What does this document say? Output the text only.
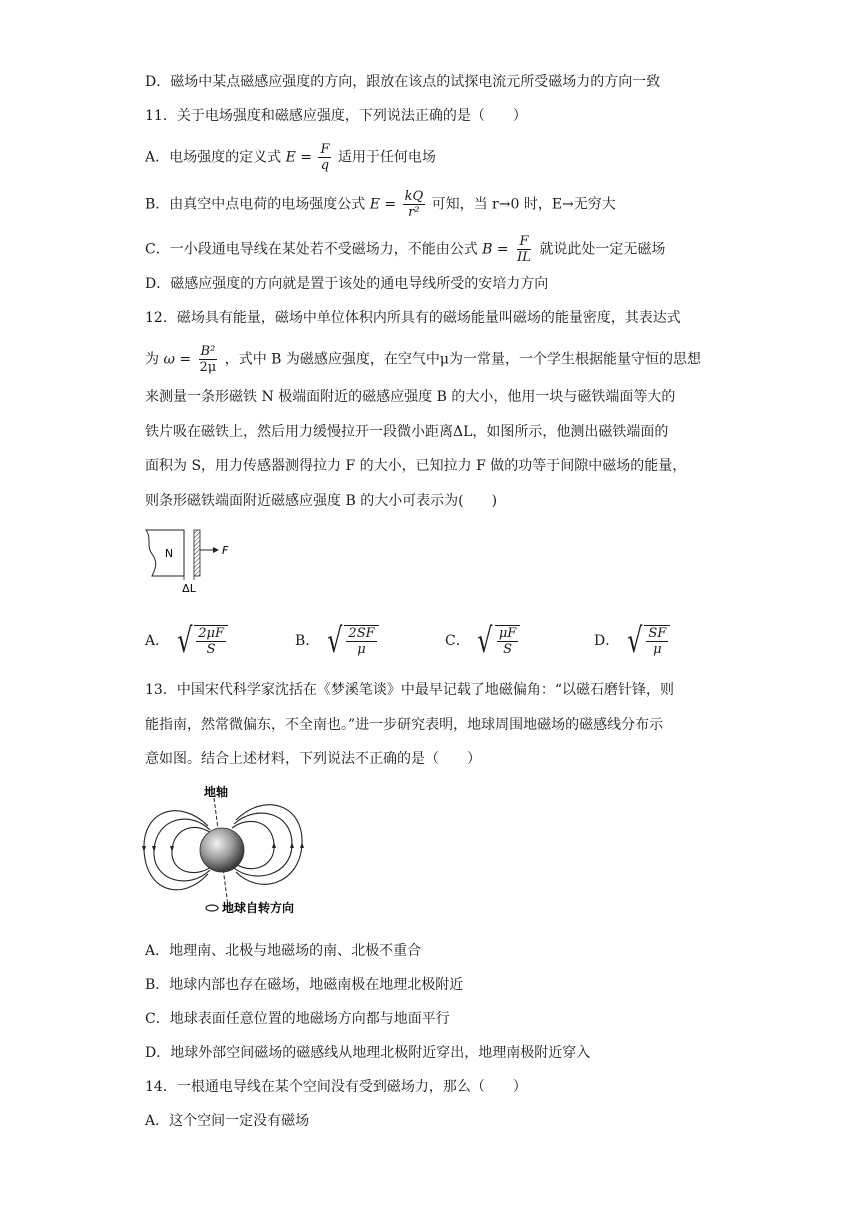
D．磁场中某点磁感应强度的方向，跟放在该点的试探电流元所受磁场力的方向一致
11．关于电场强度和磁感应强度，下列说法正确的是（　　）
A．电场强度的定义式 $E = \frac{F}{q}$ 适用于任何电场
B．由真空中点电荷的电场强度公式 $E = \frac{kQ}{\text{r²}}$ 可知，当 r→0 时，E→无穷大
C．一小段通电导线在某处若不受磁场力，不能由公式 $B = \frac{F}{IL}$ 就说此处一定无磁场
D．磁感应强度的方向就是置于该处的通电导线所受的安培力方向
12．磁场具有能量，磁场中单位体积内所具有的磁场能量叫磁场的能量密度，其表达式
为 $\omega = \frac{\text{B²}}{2\mu}$ ，式中 B 为磁感应强度，在空气中μ为一常量，一个学生根据能量守恒的思想
来测量一条形磁铁 N 极端面附近的磁感应强度 B 的大小，他用一块与磁铁端面等大的
铁片吸在磁铁上，然后用力缓慢拉开一段微小距离ΔL，如图所示，他测出磁铁端面的
面积为 S，用力传感器测得拉力 F 的大小，已知拉力 F 做的功等于间隙中磁场的能量，
则条形磁铁端面附近磁感应强度 B 的大小可表示为(　　)
N	F
ΔL
A． √ $\frac{2\mu F}{S}$	B． √ $\frac{2SF}{\mu}$	C． √ $\frac{\mu F}{S}$	D． √ $\frac{SF}{\mu}$
13．中国宋代科学家沈括在《梦溪笔谈》中最早记载了地磁偏角：“以磁石磨针锋，则
能指南，然常微偏东，不全南也。”进一步研究表明，地球周围地磁场的磁感线分布示
意如图。结合上述材料，下列说法不正确的是（　　）
地轴
地球自转方向
A．地理南、北极与地磁场的南、北极不重合
B．地球内部也存在磁场，地磁南极在地理北极附近
C．地球表面任意位置的地磁场方向都与地面平行
D．地球外部空间磁场的磁感线从地理北极附近穿出，地理南极附近穿入
14．一根通电导线在某个空间没有受到磁场力，那么（　　）
A．这个空间一定没有磁场
